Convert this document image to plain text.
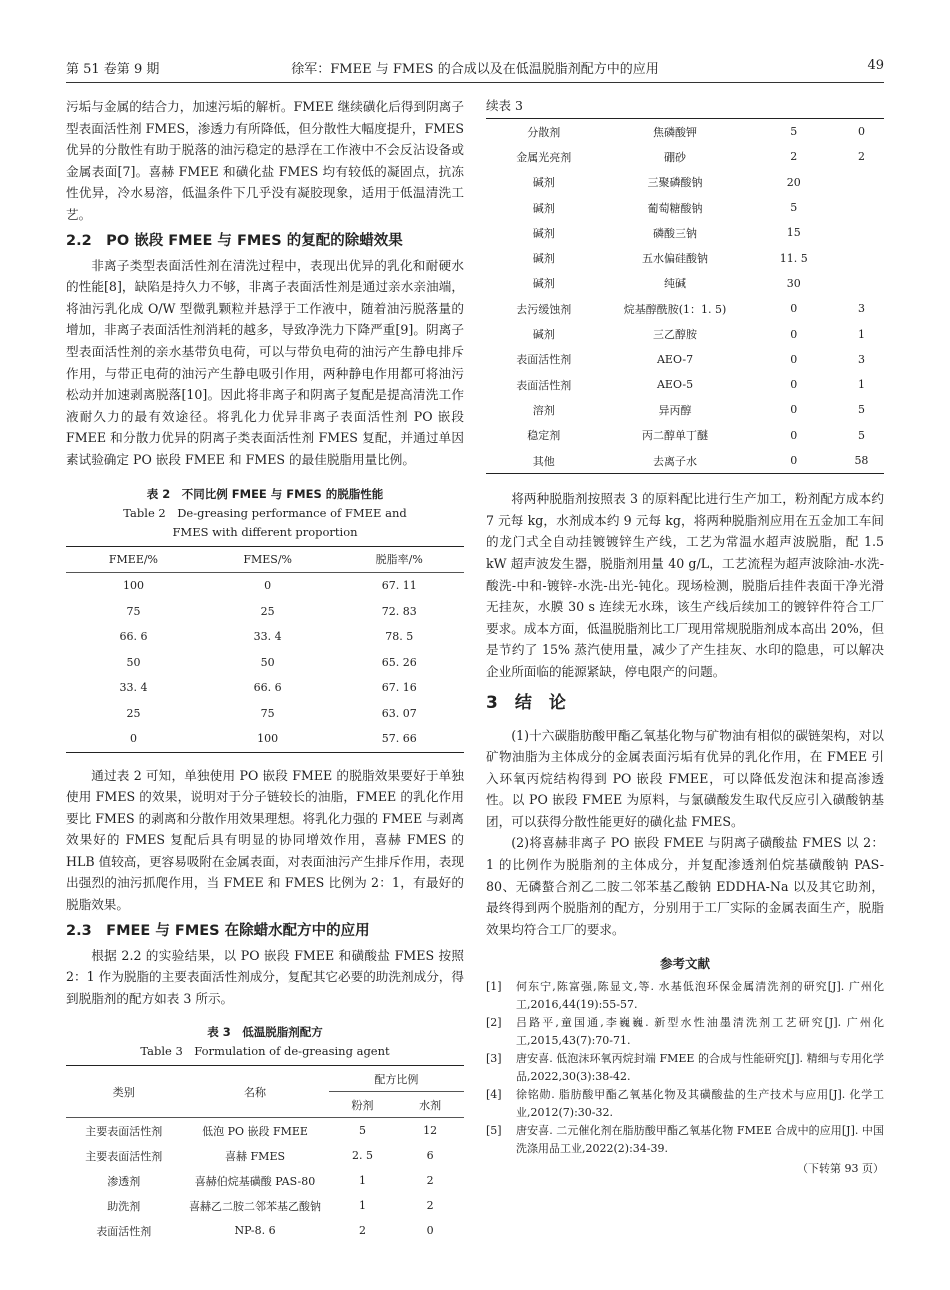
第 51 卷第 9 期	徐军：FMEE 与 FMES 的合成以及在低温脱脂剂配方中的应用	49

污垢与金属的结合力，加速污垢的解析。FMEE 继续磺化后得到阴离子型表面活性剂 FMES，渗透力有所降低，但分散性大幅度提升，FMES 优异的分散性有助于脱落的油污稳定的悬浮在工作液中不会反沾设备或金属表面[7]。喜赫 FMEE 和磺化盐 FMES 均有较低的凝固点，抗冻性优异，冷水易溶，低温条件下几乎没有凝胶现象，适用于低温清洗工艺。

2.2　PO 嵌段 FMEE 与 FMES 的复配的除蜡效果

非离子类型表面活性剂在清洗过程中，表现出优异的乳化和耐硬水的性能[8]，缺陷是持久力不够，非离子表面活性剂是通过亲水亲油端，将油污乳化成 O/W 型微乳颗粒并悬浮于工作液中，随着油污脱落量的增加，非离子表面活性剂消耗的越多，导致净洗力下降严重[9]。阴离子型表面活性剂的亲水基带负电荷，可以与带负电荷的油污产生静电排斥作用，与带正电荷的油污产生静电吸引作用，两种静电作用都可将油污松动并加速剥离脱落[10]。因此将非离子和阴离子复配是提高清洗工作液耐久力的最有效途径。将乳化力优异非离子表面活性剂 PO 嵌段 FMEE 和分散力优异的阴离子类表面活性剂 FMES 复配，并通过单因素试验确定 PO 嵌段 FMEE 和 FMES 的最佳脱脂用量比例。

表 2　不同比例 FMEE 与 FMES 的脱脂性能
Table 2　De-greasing performance of FMEE and
FMES with different proportion
FMEE/%	FMES/%	脱脂率/%
100	0	67. 11
75	25	72. 83
66. 6	33. 4	78. 5
50	50	65. 26
33. 4	66. 6	67. 16
25	75	63. 07
0	100	57. 66

通过表 2 可知，单独使用 PO 嵌段 FMEE 的脱脂效果要好于单独使用 FMES 的效果，说明对于分子链较长的油脂，FMEE 的乳化作用要比 FMES 的剥离和分散作用效果理想。将乳化力强的 FMEE 与剥离效果好的 FMES 复配后具有明显的协同增效作用，喜赫 FMES 的 HLB 值较高，更容易吸附在金属表面，对表面油污产生排斥作用，表现出强烈的油污抓爬作用，当 FMEE 和 FMES 比例为 2：1，有最好的脱脂效果。

2.3　FMEE 与 FMES 在除蜡水配方中的应用

根据 2.2 的实验结果，以 PO 嵌段 FMEE 和磺酸盐 FMES 按照 2：1 作为脱脂的主要表面活性剂成分，复配其它必要的助洗剂成分，得到脱脂剂的配方如表 3 所示。

表 3　低温脱脂剂配方
Table 3　Formulation of de-greasing agent
类别	名称	配方比例	
		粉剂	水剂
主要表面活性剂	低泡 PO 嵌段 FMEE	5	12
主要表面活性剂	喜赫 FMES	2. 5	6
渗透剂	喜赫伯烷基磺酸 PAS-80	1	2
助洗剂	喜赫乙二胺二邻苯基乙酸钠	1	2
表面活性剂	NP-8. 6	2	0
续表 3
分散剂	焦磷酸钾	5	0
金属光亮剂	硼砂	2	2
碱剂	三聚磷酸钠	20	
碱剂	葡萄糖酸钠	5	
碱剂	磷酸三钠	15	
碱剂	五水偏硅酸钠	11. 5	
碱剂	纯碱	30	
去污缓蚀剂	烷基醇酰胺(1：1. 5)	0	3
碱剂	三乙醇胺	0	1
表面活性剂	AEO-7	0	3
表面活性剂	AEO-5	0	1
溶剂	异丙醇	0	5
稳定剂	丙二醇单丁醚	0	5
其他	去离子水	0	58

将两种脱脂剂按照表 3 的原料配比进行生产加工，粉剂配方成本约 7 元每 kg，水剂成本约 9 元每 kg，将两种脱脂剂应用在五金加工车间的龙门式全自动挂镀镀锌生产线，工艺为常温水超声波脱脂，配 1.5 kW 超声波发生器，脱脂剂用量 40 g/L，工艺流程为超声波除油-水洗-酸洗-中和-镀锌-水洗-出光-钝化。现场检测，脱脂后挂件表面干净光滑无挂灰，水膜 30 s 连续无水珠，该生产线后续加工的镀锌件符合工厂要求。成本方面，低温脱脂剂比工厂现用常规脱脂剂成本高出 20%，但是节约了 15% 蒸汽使用量，减少了产生挂灰、水印的隐患，可以解决企业所面临的能源紧缺，停电限产的问题。

3　结　论

(1)十六碳脂肪酸甲酯乙氧基化物与矿物油有相似的碳链架构，对以矿物油脂为主体成分的金属表面污垢有优异的乳化作用，在 FMEE 引入环氧丙烷结构得到 PO 嵌段 FMEE，可以降低发泡沫和提高渗透性。以 PO 嵌段 FMEE 为原料，与氯磺酸发生取代反应引入磺酸钠基团，可以获得分散性能更好的磺化盐 FMES。

(2)将喜赫非离子 PO 嵌段 FMEE 与阴离子磺酸盐 FMES 以 2：1 的比例作为脱脂剂的主体成分，并复配渗透剂伯烷基磺酸钠 PAS-80、无磷螯合剂乙二胺二邻苯基乙酸钠 EDDHA-Na 以及其它助剂，最终得到两个脱脂剂的配方，分别用于工厂实际的金属表面生产，脱脂效果均符合工厂的要求。

参考文献
[1]	何东宁,陈富强,陈显文,等. 水基低泡环保金属清洗剂的研究[J]. 广州化工,2016,44(19):55-57.
[2]	吕路平,童国通,李巍巍. 新型水性油墨清洗剂工艺研究[J]. 广州化工,2015,43(7):70-71.
[3]	唐安喜. 低泡沫环氧丙烷封端 FMEE 的合成与性能研究[J]. 精细与专用化学品,2022,30(3):38-42.
[4]	徐铭勋. 脂肪酸甲酯乙氧基化物及其磺酸盐的生产技术与应用[J]. 化学工业,2012(7):30-32.
[5]	唐安喜. 二元催化剂在脂肪酸甲酯乙氧基化物 FMEE 合成中的应用[J]. 中国洗涤用品工业,2022(2):34-39.
（下转第 93 页）
